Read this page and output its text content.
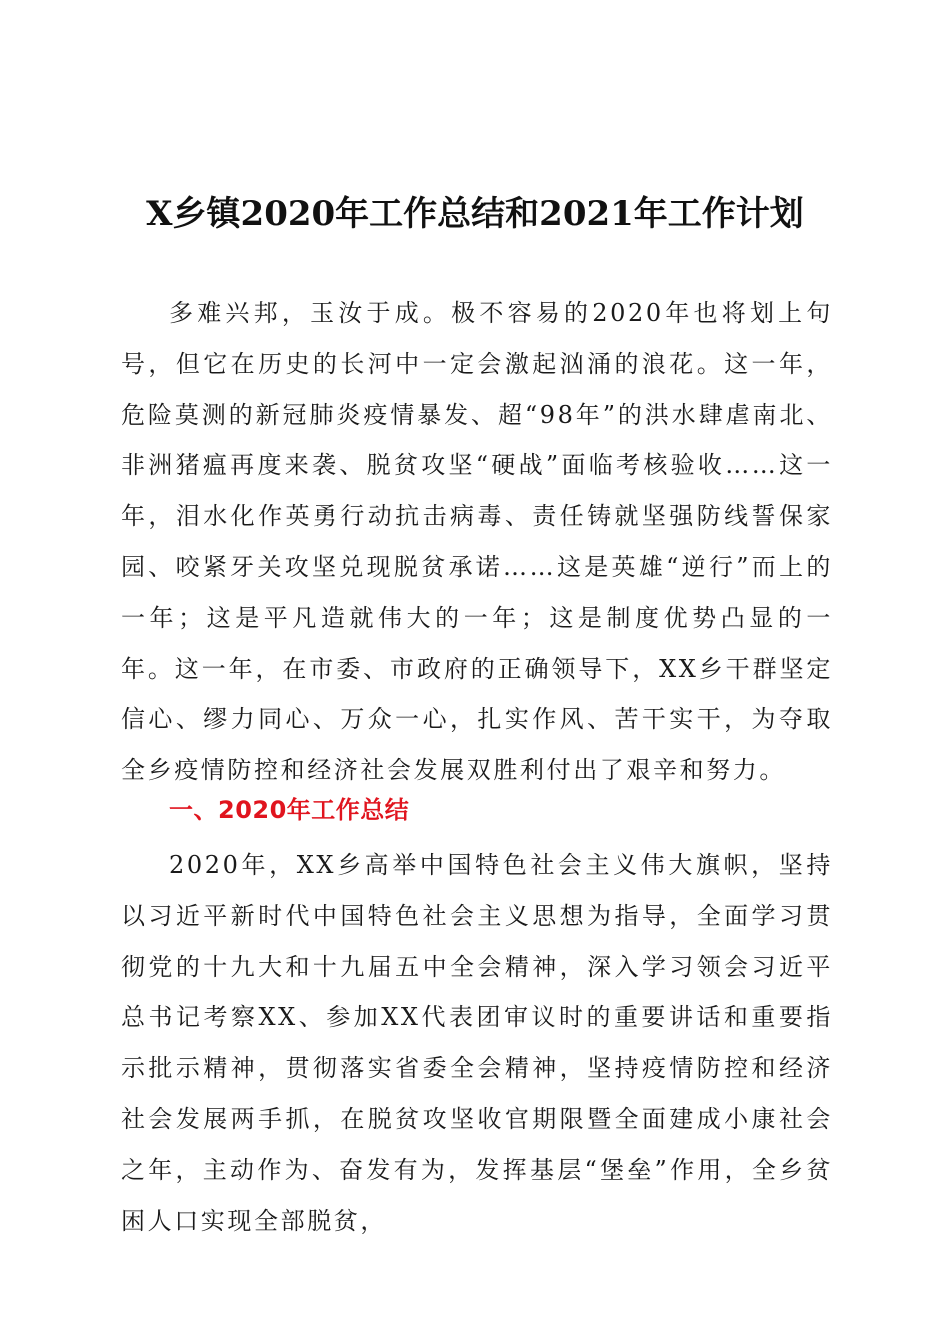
X乡镇2020年工作总结和2021年工作计划

多难兴邦，玉汝于成。极不容易的2020年也将划上句号，但它在历史的长河中一定会激起汹涌的浪花。这一年，危险莫测的新冠肺炎疫情暴发、超“98年”的洪水肆虐南北、非洲猪瘟再度来袭、脱贫攻坚“硬战”面临考核验收……这一年，泪水化作英勇行动抗击病毒、责任铸就坚强防线誓保家园、咬紧牙关攻坚兑现脱贫承诺……这是英雄“逆行”而上的一年；这是平凡造就伟大的一年；这是制度优势凸显的一年。这一年，在市委、市政府的正确领导下，XX乡干群坚定信心、缪力同心、万众一心，扎实作风、苦干实干，为夺取全乡疫情防控和经济社会发展双胜利付出了艰辛和努力。

一、2020年工作总结

2020年，XX乡高举中国特色社会主义伟大旗帜，坚持以习近平新时代中国特色社会主义思想为指导，全面学习贯彻党的十九大和十九届五中全会精神，深入学习领会习近平总书记考察XX、参加XX代表团审议时的重要讲话和重要指示批示精神，贯彻落实省委全会精神，坚持疫情防控和经济社会发展两手抓，在脱贫攻坚收官期限暨全面建成小康社会之年，主动作为、奋发有为，发挥基层“堡垒”作用，全乡贫困人口实现全部脱贫，
